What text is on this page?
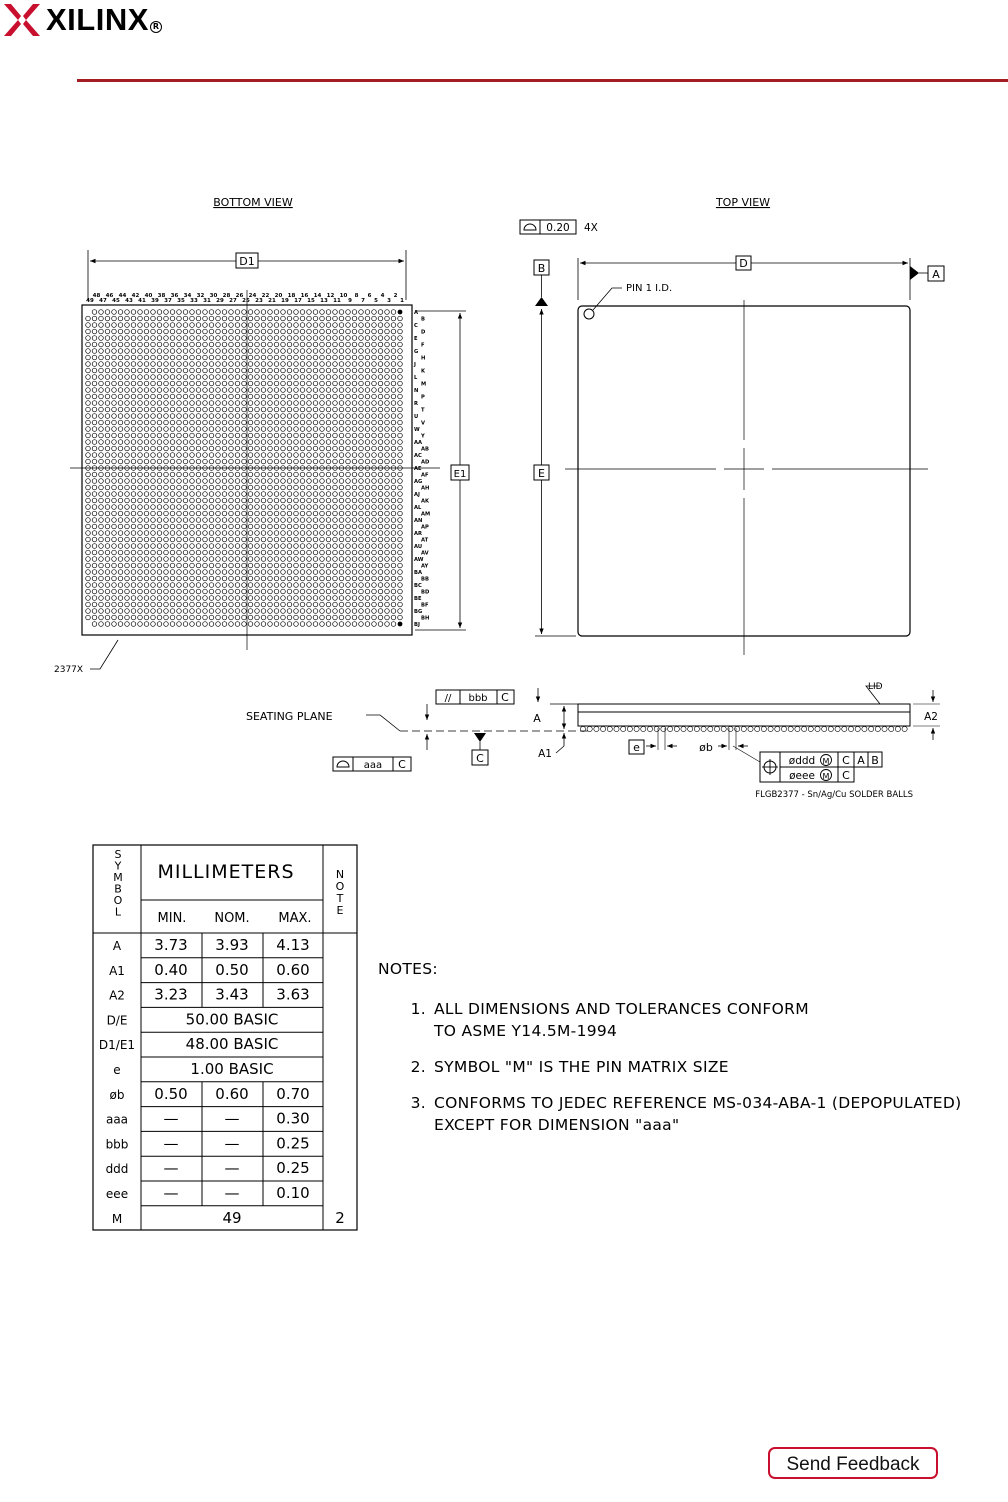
XILINX R
BOTTOM VIEW
D1
48 46 44 42 40 38 36 34 32 30 28 26 24 22 20 18 16 14 12 10 8 6 4 2
49 47 45 43 41 39 37 35 33 31 29 27 25 23 21 19 17 15 13 11 9 7 5 3 1
A
B
C
D
E
F
G
H
J
K
L
M
N
P
R
T
U
V
W
Y
AA
AB
AC
AD
AE
AF
AG
AH
AJ
AK
AL
AM
AN
AP
AR
AT
AU
AV
AW
AY
BA
BB
BC
BD
BE
BF
BG
BH
BJ
E1
2377X
TOP VIEW
0.20 4X
B	D
A
PIN 1 I.D.
E
SEATING PLANE
// bbb C
C
aaa C
A
A1
LID
A2
e	øb
øddd M C A B
øeee M C
FLGB2377 - Sn/Ag/Cu SOLDER BALLS
S
Y
M
B
O
L
N
O
T
E
MILLIMETERS
MIN. NOM. MAX.
A 3.73 3.93 4.13
A1 0.40 0.50 0.60
A2 3.23 3.43 3.63
D/E	50.00 BASIC
D1/E1	48.00 BASIC
e	1.00 BASIC
øb 0.50 0.60 0.70
aaa —	— 0.30
bbb —	— 0.25
ddd —	— 0.25
eee —	— 0.10
M	49	2
NOTES:
1. ALL DIMENSIONS AND TOLERANCES CONFORM
TO ASME Y14.5M-1994
2. SYMBOL "M" IS THE PIN MATRIX SIZE
3. CONFORMS TO JEDEC REFERENCE MS-034-ABA-1 (DEPOPULATED)
EXCEPT FOR DIMENSION "aaa"
Send Feedback
